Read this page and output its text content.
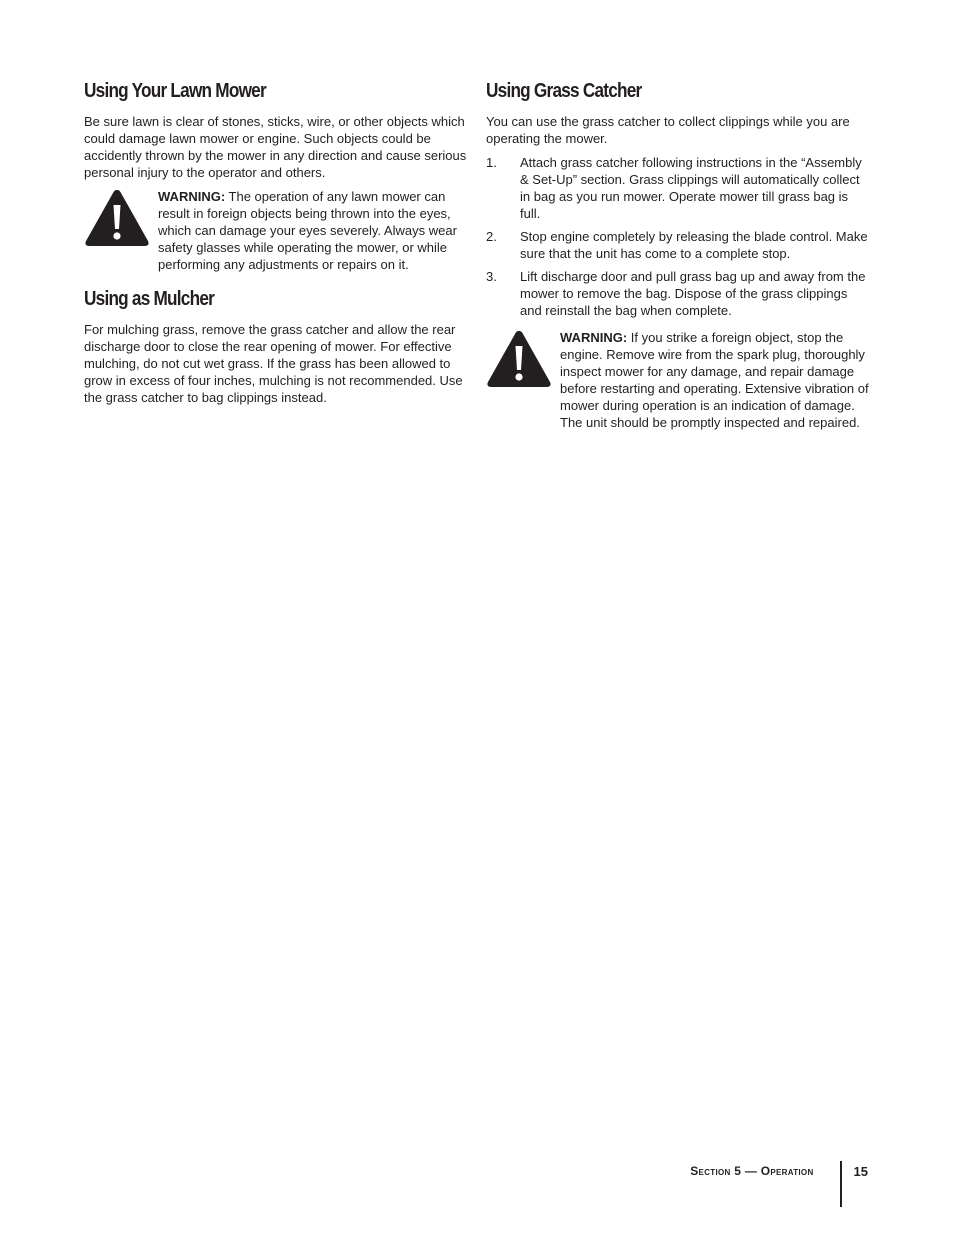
Using Your Lawn Mower

Be sure lawn is clear of stones, sticks, wire, or other objects which could damage lawn mower or engine. Such objects could be accidently thrown by the mower in any direction and cause serious personal injury to the operator and others.

WARNING: The operation of any lawn mower can result in foreign objects being thrown into the eyes, which can damage your eyes severely. Always wear safety glasses while operating the mower, or while performing any adjustments or repairs on it.

Using as Mulcher

For mulching grass, remove the grass catcher and allow the rear discharge door to close the rear opening of mower. For effective mulching, do not cut wet grass. If the grass has been allowed to grow in excess of four inches, mulching is not recommended. Use the grass catcher to bag clippings instead.

Using Grass Catcher

You can use the grass catcher to collect clippings while you are operating the mower.

1. Attach grass catcher following instructions in the “Assembly & Set-Up” section. Grass clippings will automatically collect in bag as you run mower. Operate mower till grass bag is full.
2. Stop engine completely by releasing the blade control. Make sure that the unit has come to a complete stop.
3. Lift discharge door and pull grass bag up and away from the mower to remove the bag. Dispose of the grass clippings and reinstall the bag when complete.

WARNING: If you strike a foreign object, stop the engine. Remove wire from the spark plug, thoroughly inspect mower for any damage, and repair damage before restarting and operating. Extensive vibration of mower during operation is an indication of damage. The unit should be promptly inspected and repaired.

Section 5 — Operation	15
